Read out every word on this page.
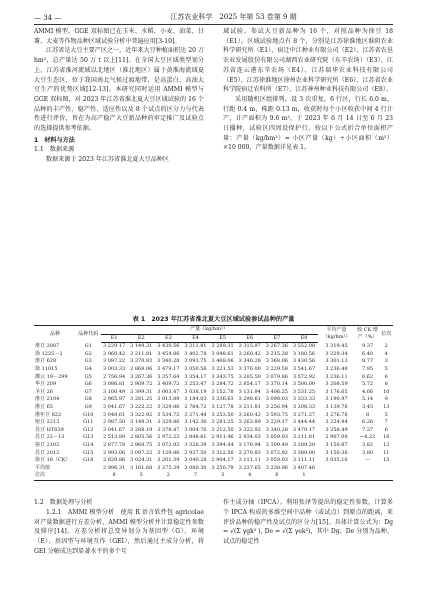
— 34 —	江苏农业科学　2025 年第 53 卷第 9 期

AMMI 模型、GGE 双标图已在玉米、水稻、小麦、油菜、甘薯、大麦等作物品种区域试验分析中普遍应用[3-10]。

江苏省是大豆主要产区之一，近年来大豆种植面积达 20 万 hm²，总产量达 50 万 t 以上[11]。在全国大豆区域类型划分上，江苏省淮河流域以北地区（淮北地区）属于黄淮海流域夏大豆生态区，位于我国南北气候过渡地带，是高蛋白、高油大豆生产的优势区域[12-13]。本研究同时运用 AMMI 模型与 GGE 双标图，对 2023 年江苏省淮北夏大豆区域试验的 16 个品种的丰产性、稳产性、适应性以及 8 个试点的区分力与代表性进行评价，旨在为高产稳产大豆新品种的审定推广及试验点的选择提供参考依据。

1　材料与方法

1.1　数据来源

数据来源于 2023 年江苏省淮北夏大豆品种区

域试验。参试大豆新品种为 16 个，对照品种为徐豆 18（E1）。区域试验地点有 8 个，分别是江苏徐淮地区淮阴农业科学研究所（E1）、宿迁中江种业有限公司（E2）、江苏省农垦农业发展股份有限公司湖西农业研究院（东辛农场）（E3）、江苏省连云港东辛农场（E4）、江苏瑞华农业科技有限公司（E5）、江苏徐淮地区徐州农业科学研究所（E6）、江苏省农业科学院宿迁农科所（E7）、江苏神州种业科技有限公司（E8）。

采用随机区组排列，设 3 次重复，6 行区，行长 6.0 m，行距 0.4 m，株距 0.13 m，收获时每个小区收获中间 4 行计产，计产面积为 9.6 m²，于 2023 年 6 月 14 日至 6 月 23 日播种，试验区四周设保护行。按以下公式折合单位面积产量：产量（kg/hm²）= 小区产量（kg）÷小区面积（m²）×10 000，产量数据详见表 1。

表 1　2023 年江苏省淮北夏大豆区域试验参试品种的产量
品种	品种代码	产量（kg/hm²）								平均产量（kg/hm²）	较 CK 增产（%）	位次
		E1	E2	E3	E4	E5	E6	E7	E8			
淮豆 2007	G1	3 229.17	3 149.31	3 430.56	3 211.81	3 289.31	3 315.97	3 267.36	3 552.08	3 319.45	9.37	2
徐 1225－2	G2	3 060.42	3 211.81	3 454.86	3 402.78	3 048.61	3 260.42	3 215.28	3 180.56	3 229.34	6.40	4
淮豆 628	G3	3 097.22	3 270.83	3 340.28	3 093.75	3 468.06	3 340.28	3 368.06	3 430.56	3 301.13	8.77	3
徐 11015	G4	3 003.33	2 868.06	3 479.17	3 050.56	3 221.53	3 376.00	3 229.58	3 541.67	3 236.48	7.95	5
灌云 19－299	G5	2 756.94	3 267.36	3 357.64	3 354.17	3 343.75	3 205.50	3 079.86	3 572.92	3 236.11	6.62	6
华豆 209	G6	3 086.81	2 909.72	3 409.72	3 253.47	3 284.72	2 854.17	3 370.14	3 500.00	3 208.59	5.72	8
圣豆 26	G7	3 100.49	3 399.31	3 003.47	3 038.19	3 152.78	3 131.94	3 406.25	3 531.25	3 176.65	4.66	10
淮豆 2104	G8	2 965.97	3 281.25	3 013.89	3 184.03	3 336.63	3 298.61	3 098.03	3 333.33	3 190.97	5.14	9
淮豆 65	G9	3 041.67	3 222.22	3 329.86	2 784.72	3 127.78	3 211.81	3 256.94	3 208.33	3 139.76	3.45	13
淮年豆 822	G10	3 048.61	3 322.92	3 534.72	3 271.44	3 253.50	3 260.42	3 593.75	3 271.27	3 276.76	8	5
宿豆 2213	G11	2 987.50	3 149.31	3 329.86	3 142.36	3 281.25	3 263.89	3 229.17	3 444.44	3 224.94	6.26	7
苏豆 HT039	G12	3 041.67	3 288.19	3 378.47	3 004.76	3 212.50	3 322.92	3 340.28	3 479.17	3 258.49	7.37	6
苏豆 22－13	G13	2 513.89	2 805.56	2 972.22	2 848.61	2 911.46	2 934.03	3 059.03	3 211.81	2 907.08	−4.22	16
宿豆 2102	G14	2 877.78	2 968.75	3 072.92	3 326.39	3 394.44	3 176.94	3 100.49	3 289.28	3 150.87	3.82	12
苏豆 2012	G15	2 993.06	3 097.22	3 129.86	2 937.50	3 312.50	3 270.83	3 072.92	3 389.00	3 150.36	3.80	11
徐豆 18（CK）	G16	2 829.86	3 024.31	3 201.39	3 040.28	2 904.17	3 111.11	3 059.03	3 111.11	3 035.16	—	15
平均值		2 996.31	3 161.68	3 275.39	3 080.30	3 250.79	3 237.65	3 238.96	3 407.46			
位次		8	5	2	7	3	4	6	1			

1.2　数据处理与分析

1.2.1　AMMI 模型分析　使用 R 语言软件包 agricolae 对产量数据进行方差分析、AMMI 模型分析并计算稳定性参数及排序[14]。方差分析将总变异划分为基因型（G）、环境（E）、基因型与环境互作（GEI），然后通过主成分分析，将 GEI 分解成达到显著水平的多个互

作主成分轴（IPCA）。利用张泽等提出的稳定性参数，计算多个 IPCA 构成的多维空间中品种（或试点）到原点的距离，来评价品种的稳产性及试点的区分力[15]。具体计算公式为：Dg = √(Σ γgk² ), De = √(Σ γek²)，其中 Dg、De 分别为品种、试点的稳定性
